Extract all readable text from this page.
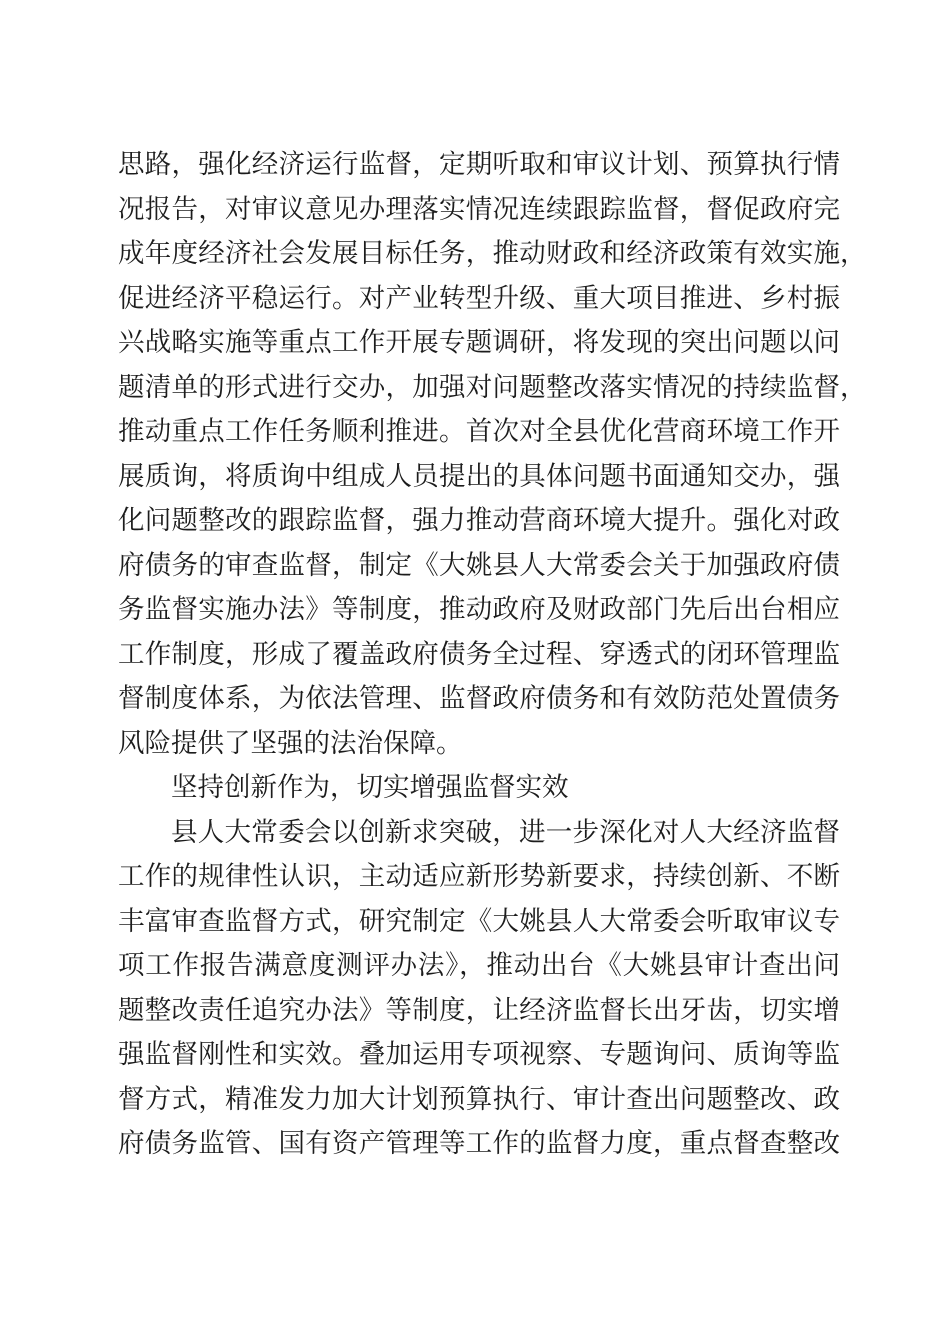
思路，强化经济运行监督，定期听取和审议计划、预算执行情
况报告，对审议意见办理落实情况连续跟踪监督，督促政府完
成年度经济社会发展目标任务，推动财政和经济政策有效实施 ，
促进经济平稳运行。对产业转型升级、重大项目推进、乡村振
兴战略实施等重点工作开展专题调研，将发现的突出问题以问
题清单的形式进行交办，加强对问题整改落实情况的持续监督 ，
推动重点工作任务顺利推进。首次对全县优化营商环境工作开
展质询，将质询中组成人员提出的具体问题书面通知交办，强
化问题整改的跟踪监督，强力推动营商环境大提升。强化对政
府债务的审查监督，制定《大姚县人大常委会关于加强政府债
务监督实施办法》等制度，推动政府及财政部门先后出台相应
工作制度，形成了覆盖政府债务全过程、穿透式的闭环管理监
督制度体系，为依法管理、监督政府债务和有效防范处置债务
风险提供了坚强的法治保障。
坚持创新作为，切实增强监督实效
县人大常委会以创新求突破，进一步深化对人大经济监督
工作的规律性认识，主动适应新形势新要求，持续创新、不断
丰富审查监督方式，研究制定《大姚县人大常委会听取审议专
项工作报告满意度测评办法》，推动出台《大姚县审计查出问
题整改责任追究办法》等制度，让经济监督长出牙齿，切实增
强监督刚性和实效。叠加运用专项视察、专题询问、质询等监
督方式，精准发力加大计划预算执行、审计查出问题整改、政
府债务监管、国有资产管理等工作的监督力度，重点督查整改
